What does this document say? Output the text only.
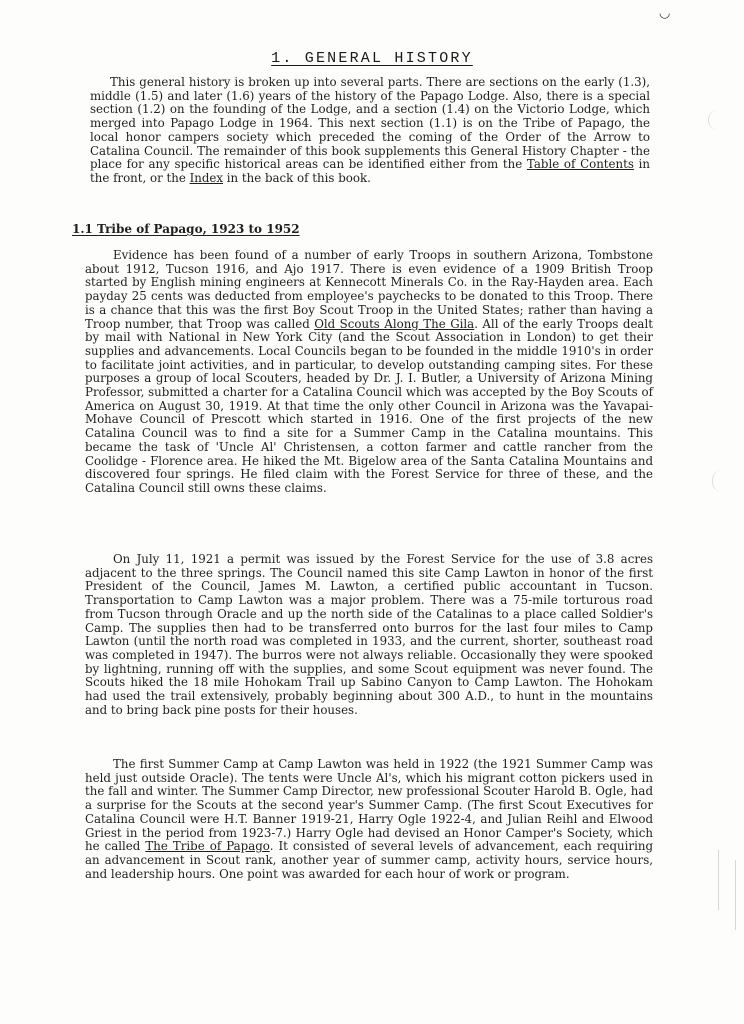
◡
1. GENERAL HISTORY

This general history is broken up into several parts. There are sections on the early (1.3), middle (1.5) and later (1.6) years of the history of the Papago Lodge. Also, there is a special section (1.2) on the founding of the Lodge, and a section (1.4) on the Victorio Lodge, which merged into Papago Lodge in 1964. This next section (1.1) is on the Tribe of Papago, the local honor campers society which preceded the coming of the Order of the Arrow to Catalina Council. The remainder of this book supplements this General History Chapter - the place for any specific historical areas can be identified either from the Table of Contents in the front, or the Index in the back of this book.

1.1 Tribe of Papago, 1923 to 1952

Evidence has been found of a number of early Troops in southern Arizona, Tombstone about 1912, Tucson 1916, and Ajo 1917. There is even evidence of a 1909 British Troop started by English mining engineers at Kennecott Minerals Co. in the Ray-Hayden area. Each payday 25 cents was deducted from employee's paychecks to be donated to this Troop. There is a chance that this was the first Boy Scout Troop in the United States; rather than having a Troop number, that Troop was called Old Scouts Along The Gila. All of the early Troops dealt by mail with National in New York City (and the Scout Association in London) to get their supplies and advancements. Local Councils began to be founded in the middle 1910's in order to facilitate joint activities, and in particular, to develop outstanding camping sites. For these purposes a group of local Scouters, headed by Dr. J. I. Butler, a University of Arizona Mining Professor, submitted a charter for a Catalina Council which was accepted by the Boy Scouts of America on August 30, 1919. At that time the only other Council in Arizona was the Yavapai-Mohave Council of Prescott which started in 1916. One of the first projects of the new Catalina Council was to find a site for a Summer Camp in the Catalina mountains. This became the task of 'Uncle Al' Christensen, a cotton farmer and cattle rancher from the Coolidge - Florence area. He hiked the Mt. Bigelow area of the Santa Catalina Mountains and discovered four springs. He filed claim with the Forest Service for three of these, and the Catalina Council still owns these claims.

On July 11, 1921 a permit was issued by the Forest Service for the use of 3.8 acres adjacent to the three springs. The Council named this site Camp Lawton in honor of the first President of the Council, James M. Lawton, a certified public accountant in Tucson. Transportation to Camp Lawton was a major problem. There was a 75-mile torturous road from Tucson through Oracle and up the north side of the Catalinas to a place called Soldier's Camp. The supplies then had to be transferred onto burros for the last four miles to Camp Lawton (until the north road was completed in 1933, and the current, shorter, southeast road was completed in 1947). The burros were not always reliable. Occasionally they were spooked by lightning, running off with the supplies, and some Scout equipment was never found. The Scouts hiked the 18 mile Hohokam Trail up Sabino Canyon to Camp Lawton. The Hohokam had used the trail extensively, probably beginning about 300 A.D., to hunt in the mountains and to bring back pine posts for their houses.

The first Summer Camp at Camp Lawton was held in 1922 (the 1921 Summer Camp was held just outside Oracle). The tents were Uncle Al's, which his migrant cotton pickers used in the fall and winter. The Summer Camp Director, new professional Scouter Harold B. Ogle, had a surprise for the Scouts at the second year's Summer Camp. (The first Scout Executives for Catalina Council were H.T. Banner 1919-21, Harry Ogle 1922-4, and Julian Reihl and Elwood Griest in the period from 1923-7.) Harry Ogle had devised an Honor Camper's Society, which he called The Tribe of Papago. It consisted of several levels of advancement, each requiring an advancement in Scout rank, another year of summer camp, activity hours, service hours, and leadership hours. One point was awarded for each hour of work or program.
